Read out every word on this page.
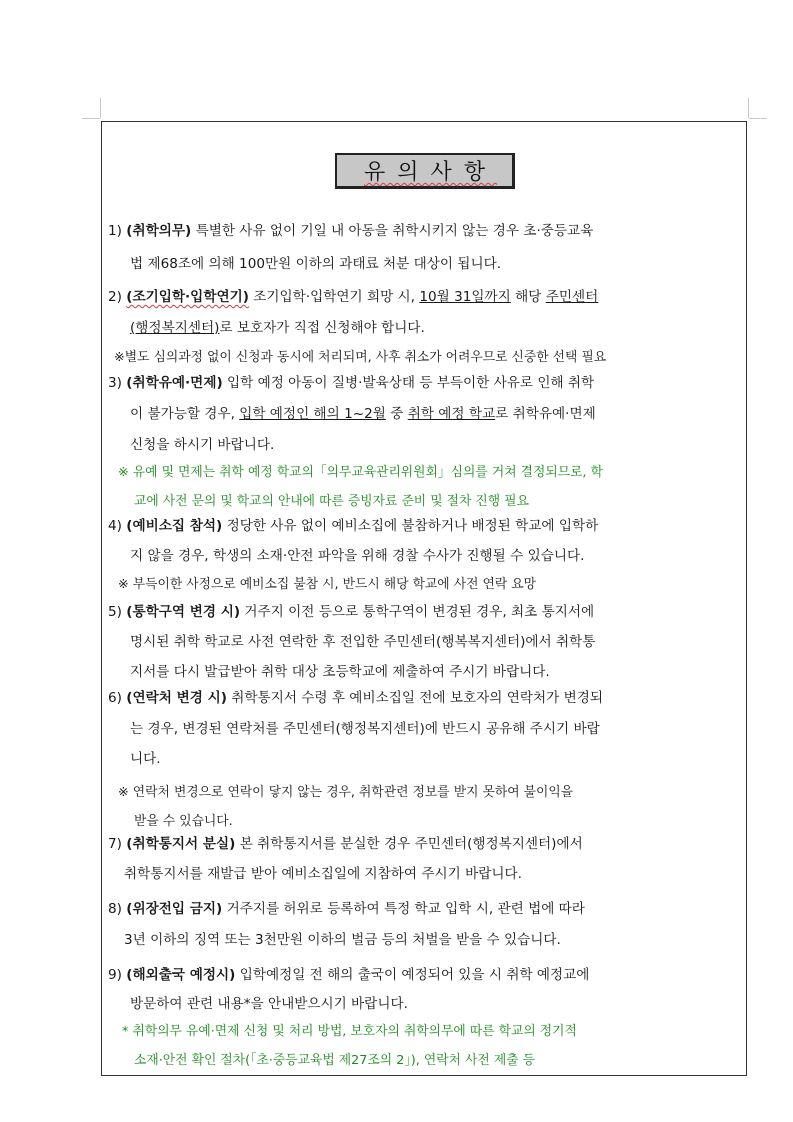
유의사항
1) (취학의무) 특별한 사유 없이 기일 내 아동을 취학시키지 않는 경우 초·중등교육
법 제68조에 의해 100만원 이하의 과태료 처분 대상이 됩니다.
2) (조기입학·입학연기) 조기입학·입학연기 희망 시, 10월 31일까지 해당 주민센터
(행정복지센터)로 보호자가 직접 신청해야 합니다.
※별도 심의과정 없이 신청과 동시에 처리되며, 사후 취소가 어려우므로 신중한 선택 필요
3) (취학유예·면제) 입학 예정 아동이 질병·발육상태 등 부득이한 사유로 인해 취학
이 불가능할 경우, 입학 예정인 해의 1~2월 중 취학 예정 학교로 취학유예·면제
신청을 하시기 바랍니다.
※ 유예 및 면제는 취학 예정 학교의「의무교육관리위원회」심의를 거쳐 결정되므로, 학
교에 사전 문의 및 학교의 안내에 따른 증빙자료 준비 및 절차 진행 필요
4) (예비소집 참석) 정당한 사유 없이 예비소집에 불참하거나 배정된 학교에 입학하
지 않을 경우, 학생의 소재·안전 파악을 위해 경찰 수사가 진행될 수 있습니다.
※ 부득이한 사정으로 예비소집 불참 시, 반드시 해당 학교에 사전 연락 요망
5) (통학구역 변경 시) 거주지 이전 등으로 통학구역이 변경된 경우, 최초 통지서에
명시된 취학 학교로 사전 연락한 후 전입한 주민센터(행복복지센터)에서 취학통
지서를 다시 발급받아 취학 대상 초등학교에 제출하여 주시기 바랍니다.
6) (연락처 변경 시) 취학통지서 수령 후 예비소집일 전에 보호자의 연락처가 변경되
는 경우, 변경된 연락처를 주민센터(행정복지센터)에 반드시 공유해 주시기 바랍
니다.
※ 연락처 변경으로 연락이 닿지 않는 경우, 취학관련 정보를 받지 못하여 불이익을
받을 수 있습니다.
7) (취학통지서 분실) 본 취학통지서를 분실한 경우 주민센터(행정복지센터)에서
취학통지서를 재발급 받아 예비소집일에 지참하여 주시기 바랍니다.
8) (위장전입 금지) 거주지를 허위로 등록하여 특정 학교 입학 시, 관련 법에 따라
3년 이하의 징역 또는 3천만원 이하의 벌금 등의 처벌을 받을 수 있습니다.
9) (해외출국 예정시) 입학예정일 전 해의 출국이 예정되어 있을 시 취학 예정교에
방문하여 관련 내용*을 안내받으시기 바랍니다.
* 취학의무 유예·면제 신청 및 처리 방법, 보호자의 취학의무에 따른 학교의 정기적
소재·안전 확인 절차(「초·중등교육법 제27조의 2」), 연락처 사전 제출 등
